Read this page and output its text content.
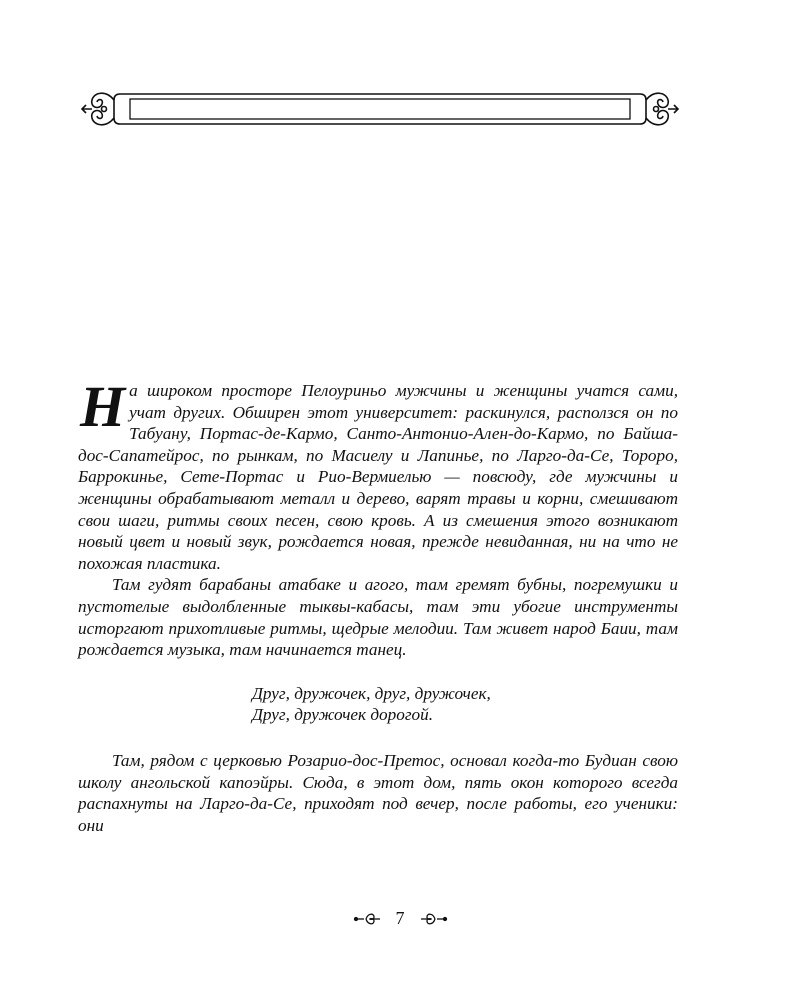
На широком просторе Пелоуриньо мужчины и женщины учатся сами, учат других. Обширен этот университет: раскинулся, расползся он по Табуану, Портас-де-Кармо, Санто-Антонио-Ален-до-Кармо, по Байша-дос-Сапатейрос, по рынкам, по Масиелу и Лапинье, по Ларго-да-Се, Тороро, Баррокинье, Сете-Портас и Рио-Вермиелью — повсюду, где мужчины и женщины обрабатывают металл и дерево, варят травы и корни, смешивают свои шаги, ритмы своих песен, свою кровь. А из смешения этого возникают новый цвет и новый звук, рождается новая, прежде невиданная, ни на что не похожая пластика.

Там гудят барабаны атабаке и агого, там гремят бубны, погремушки и пустотелые выдолбленные тыквы-кабасы, там эти убогие инструменты исторгают прихотливые ритмы, щедрые мелодии. Там живет народ Баии, там рождается музыка, там начинается танец.

Друг, дружочек, друг, дружочек,
Друг, дружочек дорогой.

Там, рядом с церковью Розарио-дос-Претос, основал когда-то Будиан свою школу ангольской капоэйры. Сюда, в этот дом, пять окон которого всегда распахнуты на Ларго-да-Се, приходят под вечер, после работы, его ученики: они

7
